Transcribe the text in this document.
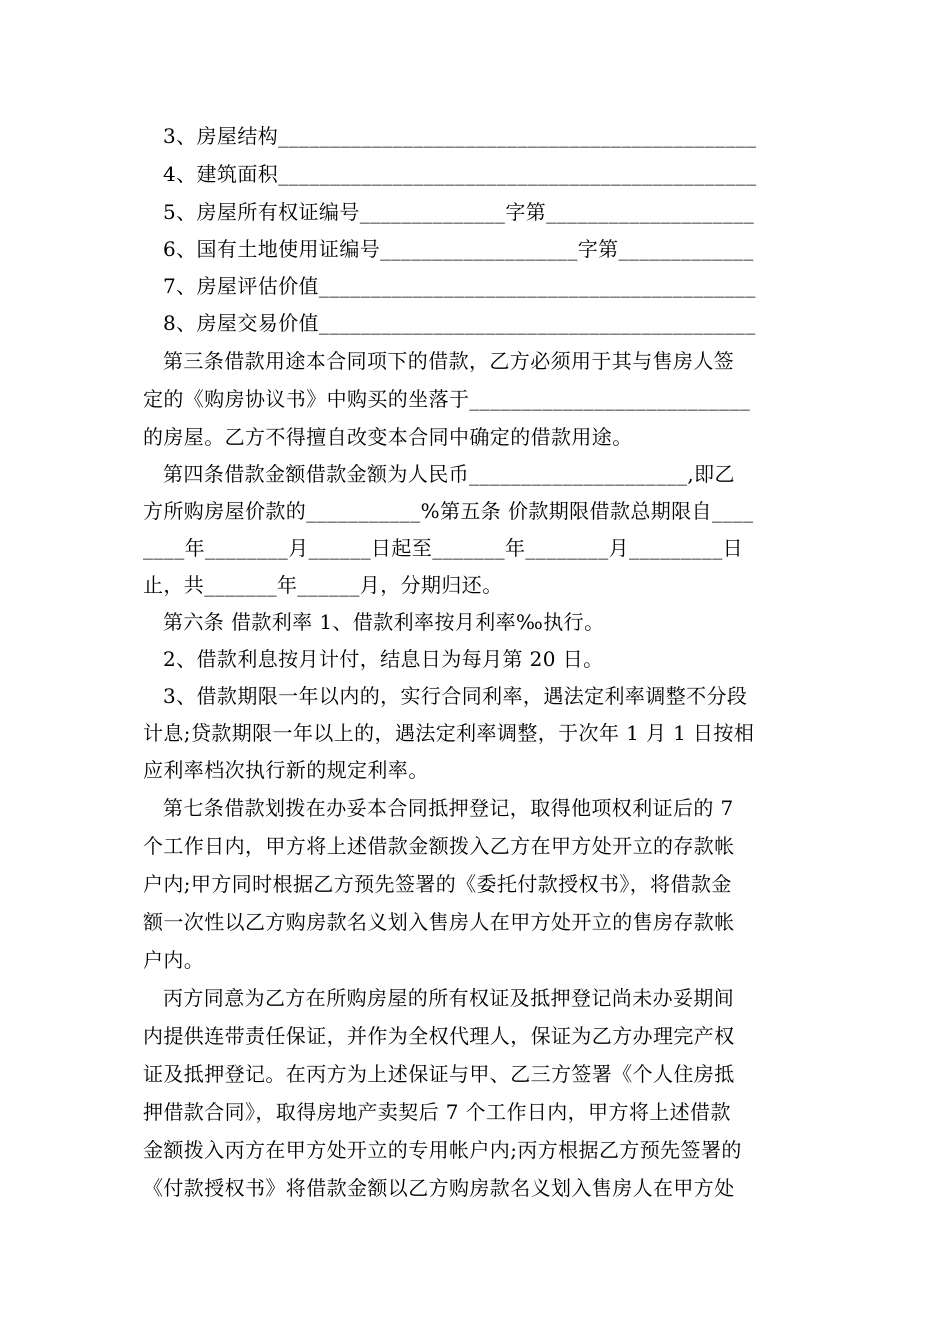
3、房屋结构______________________________________________
4、建筑面积______________________________________________
5、房屋所有权证编号______________字第____________________
6、国有土地使用证编号___________________字第_____________
7、房屋评估价值__________________________________________
8、房屋交易价值__________________________________________
第三条借款用途本合同项下的借款，乙方必须用于其与售房人签
定的《购房协议书》中购买的坐落于___________________________
的房屋。乙方不得擅自改变本合同中确定的借款用途。
第四条借款金额借款金额为人民币_____________________,即乙
方所购房屋价款的___________%第五条 价款期限借款总期限自____
____年________月______日起至_______年________月_________日
止，共_______年______月，分期归还。
第六条 借款利率 1、借款利率按月利率‰执行。
2、借款利息按月计付，结息日为每月第 20 日。
3、借款期限一年以内的，实行合同利率，遇法定利率调整不分段
计息;贷款期限一年以上的，遇法定利率调整，于次年 1 月 1 日按相
应利率档次执行新的规定利率。
第七条借款划拨在办妥本合同抵押登记，取得他项权利证后的 7
个工作日内，甲方将上述借款金额拨入乙方在甲方处开立的存款帐
户内;甲方同时根据乙方预先签署的《委托付款授权书》，将借款金
额一次性以乙方购房款名义划入售房人在甲方处开立的售房存款帐
户内。
丙方同意为乙方在所购房屋的所有权证及抵押登记尚未办妥期间
内提供连带责任保证，并作为全权代理人，保证为乙方办理完产权
证及抵押登记。在丙方为上述保证与甲、乙三方签署《个人住房抵
押借款合同》，取得房地产卖契后 7 个工作日内，甲方将上述借款
金额拨入丙方在甲方处开立的专用帐户内;丙方根据乙方预先签署的
《付款授权书》将借款金额以乙方购房款名义划入售房人在甲方处
